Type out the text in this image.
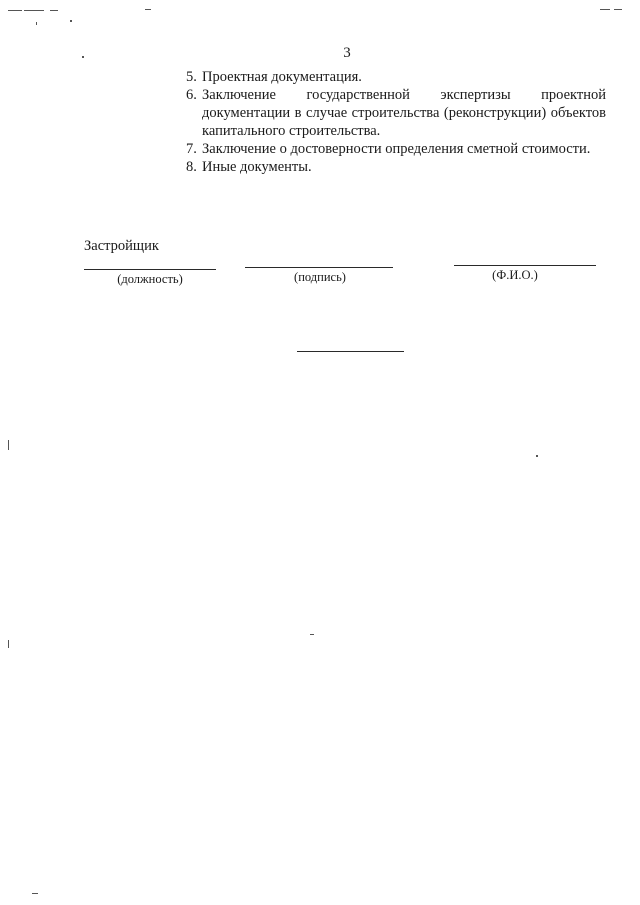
3
5. Проектная документация.
6. Заключение государственной экспертизы проектной документации в случае строительства (реконструкции) объектов капитального строительства.
7. Заключение о достоверности определения сметной стоимости.
8. Иные документы.
Застройщик
(должность)	(подпись)	(Ф.И.О.)
